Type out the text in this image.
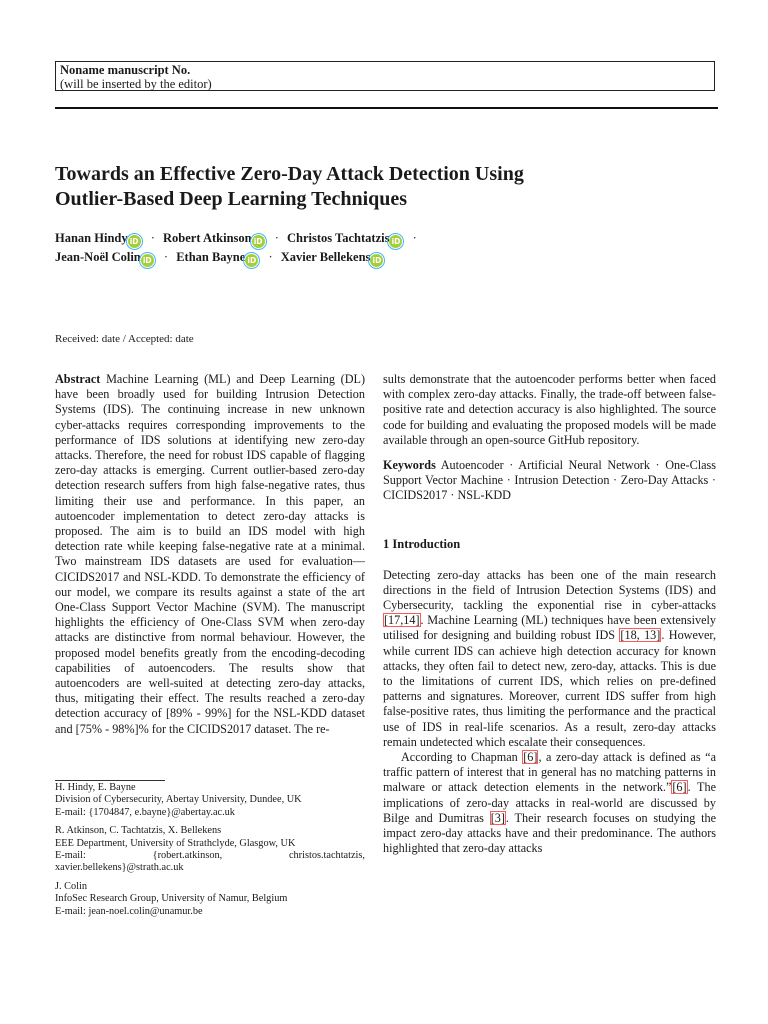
Noname manuscript No.
(will be inserted by the editor)
Towards an Effective Zero-Day Attack Detection Using
Outlier-Based Deep Learning Techniques
Hanan Hindy iD · Robert Atkinson iD · Christos Tachtatzis iD ·
Jean-Noël Colin iD · Ethan Bayne iD · Xavier Bellekens iD
Received: date / Accepted: date

Abstract Machine Learning (ML) and Deep Learning (DL) have been broadly used for building Intrusion Detection Systems (IDS). The continuing increase in new unknown cyber-attacks requires corresponding improvements to the performance of IDS solutions at identifying new zero-day attacks. Therefore, the need for robust IDS capable of flagging zero-day attacks is emerging. Current outlier-based zero-day detection research suffers from high false-negative rates, thus limiting their use and performance. In this paper, an autoencoder implementation to detect zero-day attacks is proposed. The aim is to build an IDS model with high detection rate while keeping false-negative rate at a minimal. Two mainstream IDS datasets are used for evaluation—CICIDS2017 and NSL-KDD. To demonstrate the efficiency of our model, we compare its results against a state of the art One-Class Support Vector Machine (SVM). The manuscript highlights the efficiency of One-Class SVM when zero-day attacks are distinctive from normal behaviour. However, the proposed model benefits greatly from the encoding-decoding capabilities of autoencoders. The results show that autoencoders are well-suited at detecting zero-day attacks, thus, mitigating their effect. The results reached a zero-day detection accuracy of [89% - 99%] for the NSL-KDD dataset and [75% - 98%]% for the CICIDS2017 dataset. The re-

sults demonstrate that the autoencoder performs better when faced with complex zero-day attacks. Finally, the trade-off between false-positive rate and detection accuracy is also highlighted. The source code for building and evaluating the proposed models will be made available through an open-source GitHub repository.

Keywords Autoencoder · Artificial Neural Network · One-Class Support Vector Machine · Intrusion Detection · Zero-Day Attacks · CICIDS2017 · NSL-KDD

1 Introduction

Detecting zero-day attacks has been one of the main research directions in the field of Intrusion Detection Systems (IDS) and Cybersecurity, tackling the exponential rise in cyber-attacks [17,14]. Machine Learning (ML) techniques have been extensively utilised for designing and building robust IDS [18, 13]. However, while current IDS can achieve high detection accuracy for known attacks, they often fail to detect new, zero-day, attacks. This is due to the limitations of current IDS, which relies on pre-defined patterns and signatures. Moreover, current IDS suffer from high false-positive rates, thus limiting the performance and the practical use of IDS in real-life scenarios. As a result, zero-day attacks remain undetected which escalate their consequences.

According to Chapman [6], a zero-day attack is defined as “a traffic pattern of interest that in general has no matching patterns in malware or attack detection elements in the network.”[6]. The implications of zero-day attacks in real-world are discussed by Bilge and Dumitras [3]. Their research focuses on studying the impact zero-day attacks have and their predominance. The authors highlighted that zero-day attacks

H. Hindy, E. Bayne
Division of Cybersecurity, Abertay University, Dundee, UK
E-mail: {1704847, e.bayne}@abertay.ac.uk
R. Atkinson, C. Tachtatzis, X. Bellekens
EEE Department, University of Strathclyde, Glasgow, UK
E-mail:	{robert.atkinson,	christos.tachtatzis,
xavier.bellekens}@strath.ac.uk
J. Colin
InfoSec Research Group, University of Namur, Belgium
E-mail: jean-noel.colin@unamur.be
